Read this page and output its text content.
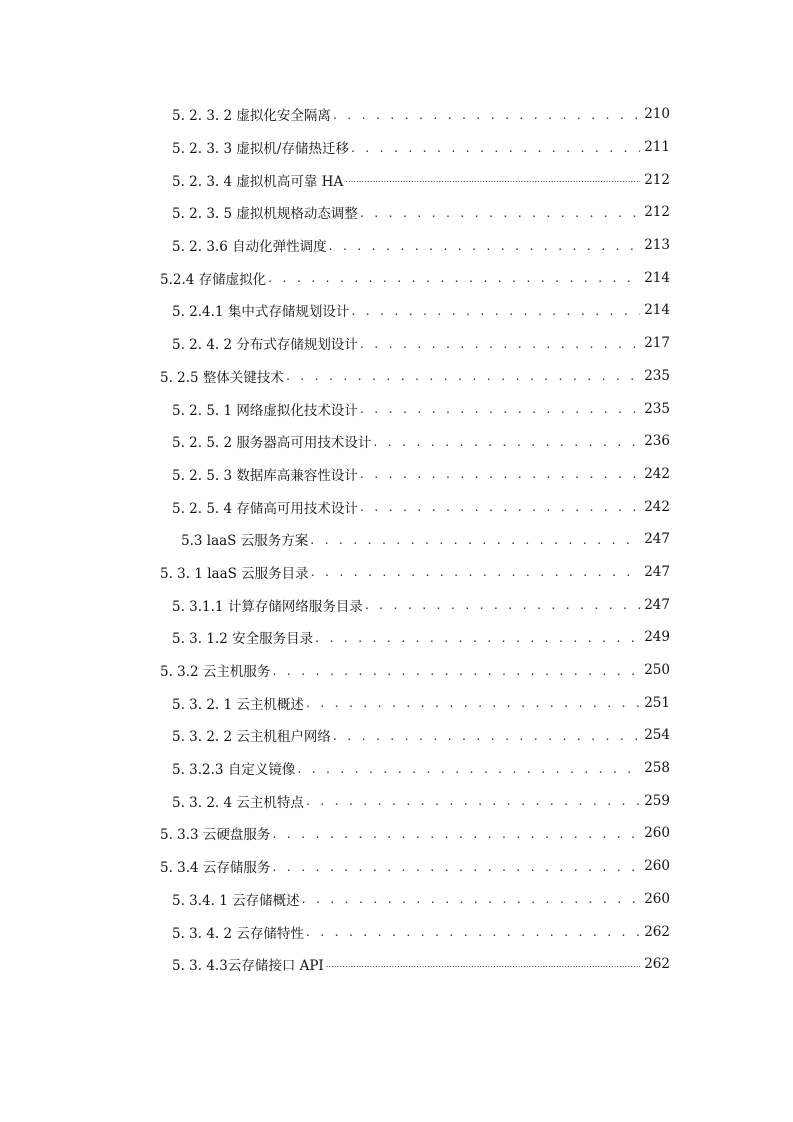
5. 2. 3. 2 虚拟化安全隔离 . . .	210
5. 2. 3. 3 虚拟机/存储热迁移 . . .	211
5. 2. 3. 4 虚拟机高可靠 HA .....	212
5. 2. 3. 5 虚拟机规格动态调整 . . .	212
5. 2. 3.6 自动化弹性调度 . . .	213
5.2.4 存储虚拟化 . . .	214
5. 2.4.1 集中式存储规划设计 . . .	214
5. 2. 4. 2 分布式存储规划设计 . . .	217
5. 2.5 整体关键技术 . . .	235
5. 2. 5. 1 网络虚拟化技术设计 . . .	235
5. 2. 5. 2 服务器高可用技术设计 . . .	236
5. 2. 5. 3 数据库高兼容性设计 . . .	242
5. 2. 5. 4 存储高可用技术设计 . . .	242
5.3 laaS 云服务方案 . . .	247
5. 3. 1 laaS 云服务目录 . . .	247
5. 3.1.1 计算存储网络服务目录 . . .	247
5. 3. 1.2 安全服务目录 . . .	249
5. 3.2 云主机服务 . . .	250
5. 3. 2. 1 云主机概述 . . .	251
5. 3. 2. 2 云主机租户网络 . . .	254
5. 3.2.3 自定义镜像 . . .	258
5. 3. 2. 4 云主机特点 . . .	259
5. 3.3 云硬盘服务 . . .	260
5. 3.4 云存储服务 . . .	260
5. 3.4. 1 云存储概述 . . .	260
5. 3. 4. 2 云存储特性 . . .	262
5. 3. 4.3云存储接口 API .....	262
